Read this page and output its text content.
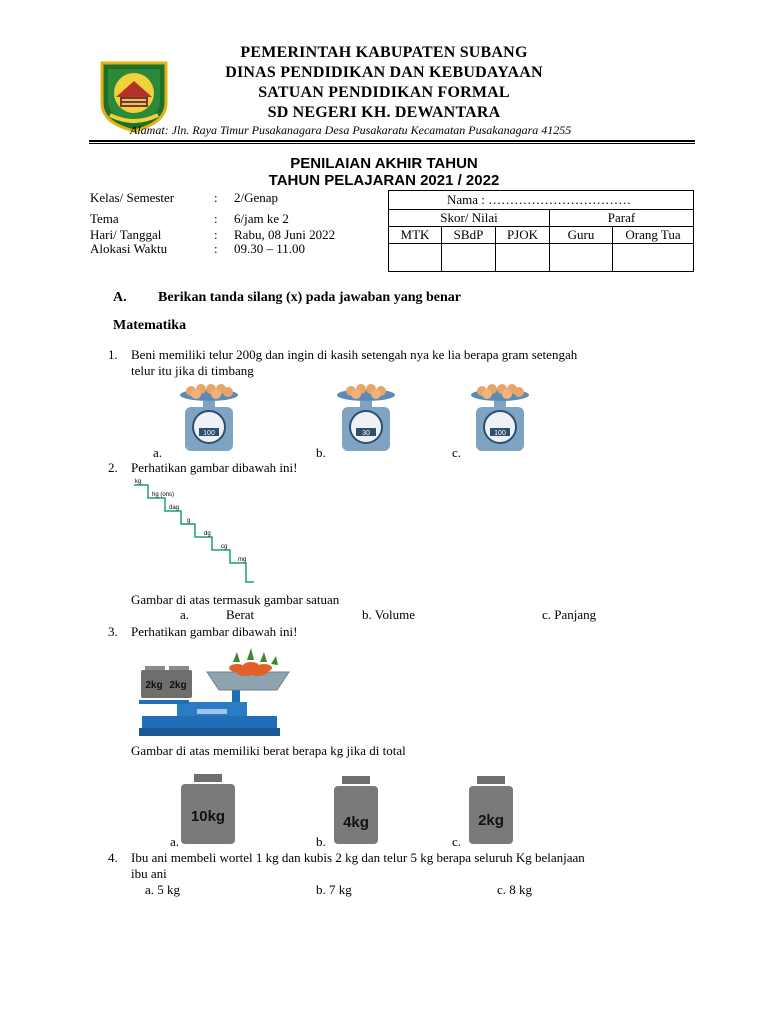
PEMERINTAH KABUPATEN SUBANG
DINAS PENDIDIKAN DAN KEBUDAYAAN
SATUAN PENDIDIKAN FORMAL
SD NEGERI KH. DEWANTARA
Alamat: Jln. Raya Timur Pusakanagara Desa Pusakaratu Kecamatan Pusakanagara 41255
PENILAIAN AKHIR TAHUN
TAHUN PELAJARAN 2021 / 2022
Kelas/ Semester	: 2/Genap
Tema	: 6/jam ke 2
Hari/ Tanggal	: Rabu, 08 Juni 2022
Alokasi Waktu	: 09.30 – 11.00
Nama : ……………………………				
Skor/ Nilai			Paraf	
MTK	SBdP	PJOK	Guru	Orang Tua

A. Berikan tanda silang (x) pada jawaban yang benar
Matematika
1. Beni memiliki telur 200g dan ingin di kasih setengah nya ke lia berapa gram setengah
telur itu jika di timbang
100	30	100
a.	b.	c.
2. Perhatikan gambar dibawah ini!
kg
hg (ons)
dag
g
dg
cg
mg
Gambar di atas termasuk gambar satuan
a.	Berat	b. Volume	c. Panjang
3. Perhatikan gambar dibawah ini!
2kg 2kg
Gambar di atas memiliki berat berapa kg jika di total
10kg	4kg	2kg
a.	b.	c.
4. Ibu ani membeli wortel 1 kg dan kubis 2 kg dan telur 5 kg berapa seluruh Kg belanjaan
ibu ani
a. 5 kg	b. 7 kg	c. 8 kg
